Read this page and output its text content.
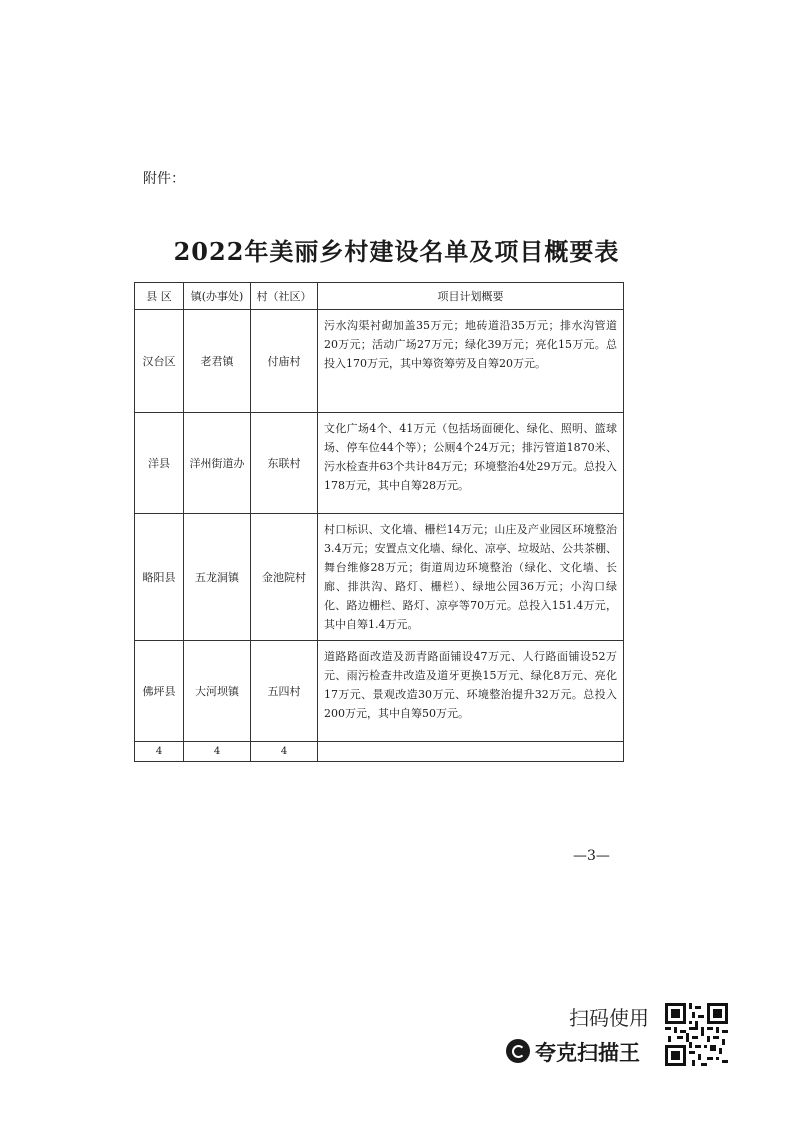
附件：
2022年美丽乡村建设名单及项目概要表
县 区	镇(办事处)	村（社区）	项目计划概要
汉台区	老君镇	付庙村	污水沟渠衬砌加盖35万元；地砖道沿35万元；排水沟管道20万元；活动广场27万元；绿化39万元；亮化15万元。总投入170万元，其中筹资筹劳及自筹20万元。
洋县	洋州街道办	东联村	文化广场4个、41万元（包括场面硬化、绿化、照明、篮球场、停车位44个等）；公厕4个24万元；排污管道1870米、污水检查井63个共计84万元；环境整治4处29万元。总投入178万元，其中自筹28万元。
略阳县	五龙洞镇	金池院村	村口标识、文化墙、栅栏14万元；山庄及产业园区环境整治3.4万元；安置点文化墙、绿化、凉亭、垃圾站、公共茶棚、舞台维修28万元；街道周边环境整治（绿化、文化墙、长廊、排洪沟、路灯、栅栏）、绿地公园36万元；小沟口绿化、路边栅栏、路灯、凉亭等70万元。总投入151.4万元，其中自筹1.4万元。
佛坪县	大河坝镇	五四村	道路路面改造及沥青路面铺设47万元、人行路面铺设52万元、雨污检查井改造及道牙更换15万元、绿化8万元、亮化17万元、景观改造30万元、环境整治提升32万元。总投入200万元，其中自筹50万元。
4	4	4	
—3—
扫码使用
夸克扫描王
